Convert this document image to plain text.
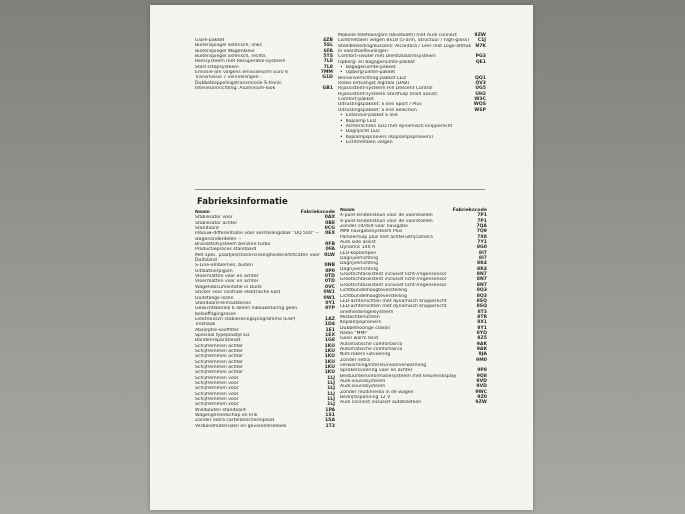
Glare-pakket	4ZB
Buitenspiegel asferisch, links	5SL
Buitenspiegel Wagenkleur	6FA
Buitenspiegel asferisch, rechts	5TS
Remsysteem met Recuperatie-systeem	7L8
Start-/stopsysteem	7L8
Emissie-am volgens emissienorm Euro 6	7MM
Transmissie 7 versnellingen - Dubbelkoppelingstransmissie S-tronic
G1D
Interieurinrichting: Aluminium-look	GB1
Mobiele telefoon/gsm (Bluetooth) met Audi connect	9ZW
Lichtmetalen velgen 8x18 (5-arm, Structuur / high-gloss)	C1J
Stoelbekleding/kussens: Alcantara / Leer met Logo-afdruk in voorstoelleuningen
N7K
Comfort-sleutel met Diefstalalarmsysteem	PG3
Opberg- en bagageruimte-pakket	QE1
• Bagageruimte-pakket
• Opbergruimte-pakket
Binnenverlichting-pakket LED	QQ1
Radio-ontvangst digitaal (DAB)	QV3
Rijassistent-systeem Hill Descent Control	UG5
Rijassistent-systeem Starthulp (hold assist)	UH2
Comfort-pakket	W3C
Uitrustingspakket: S line Sport / Plus	WQS
Uitrustingspakket: S line Selection	WSP
• Exterieur-pakket S line
• Koplamp LED
• Achterlichten LED met dynamisch knipperlicht
• Dagrijlicht LED
• Koplampsproeiers (Koplampsproeiers)
• Lichtmetalen velgen
Fabrieksinformatie
Naam	Fabriekscode
Stabilisator vóór	0AX
Stabilisator achter	0BE
Standaard	0CG
Inbouw-differentiatie voor verstellingsbak "DQ 500" -- wagenonderdelen --
0EX
Brandstofsysteem benzine-turbo	0FB
Productieproces standaard	0FA
Met spec. plaatjes/stickers/veiligheidscertificaten voor Duitsland
0LW
S-Line-emblemen, buiten	0NB
Uitlaatsierpijpen	0P0
Vloermatten voor en achter	0TD
Vloermatten voor en achter	0TD
Wagendocumentatie in Duits	0VC
Sticker voor centrale elektrische kast	0W1
Duitstalige lezen	0W1
Standaard-klimaatzones	0Y1
Gewichtsbereik 6 alleen inbouwsturing geen beloeffagingrosse
0YP
Elektronisch stabiliseringsprogramma (ESP)	1AZ
Treshaak	1D4
Absorptie-sooffilter	1E1
Speciaal typeplaatje EU	1EX
Bandenreparatieset	1G8
Schijfremmen achter	1KU
Schijfremmen achter	1KU
Schijfremmen achter	1KU
Schijfremmen achter	1KU
Schijfremmen achter	1KU
Schijfremmen achter	1KU
Schijfremmen vóór	1LJ
Schijfremmen vóór	1LJ
Schijfremmen vóór	1LJ
Schijfremmen vóór	1LJ
Schijfremmen vóór	1LJ
Schijfremmen vóór	1LJ
Wielbouten standaard	1PA
Wagengereedschap en krik	1S1
Zonder extra carterbeschermplaat	1SA
Verbandmaterialen en gevarendriehoek	1T3
Naam	Fabriekscode
4-punt-lendensteun voor de voorstoelen	7P1
4-punt-lendensteun voor de voorstoelen	7P1
Zonder cd/dvd voor navigatie	7QA
MMI navigatiesysteem Plus	7Q9
Parkeerhulp plus met achteruitrijcamera	7X8
Audi side assist	7Y1
Dynamic 140 A	8G0
LED-koplampen	8I7
Dagrijverlichting	8I7
Dagrijverlichting	8K4
Dagrijverlichting	8K4
Grootlichtassistent inclusief licht-/regensensor	8N7
Grootlichtassistent inclusief licht-/regensensor	8N7
Grootlichtassistent inclusief licht-/regensensor	8N7
Lichtbundelhoogteverstelling	8Q3
Lichtbundelhoogteverstelling	8Q3
LED-achterlichten met dynamisch knipperlicht	8SQ
LED-achterlichten met dynamisch knipperlicht	8SQ
Snelheidsregelsysteem	8T3
Mistachterlichten	8TR
Koplampsproeiers	8X1
Dubbelhoorige claxon	8Y1
Radio "MMI"	8YQ
Geen warm land	8Z5
Automatische comfortairco	9AK
Automatische comfortairco	9AK
Niet-rokers-uitvoering	9JA
Zonder extra	9M0
verwarming/interieurvoorverwarming
Sprekersvoering voor en achter	9P8
Bestuurdersinformatiesysteem met kleurendisplay	9Q8
Audi-soundsysteem	9VD
Audi-soundsysteem	9VD
Zonder multimedia in de wagen	9WC
Bedrijfsspanning 12 V	9Z0
Audi connect inclusief autotelefoon	9ZW
